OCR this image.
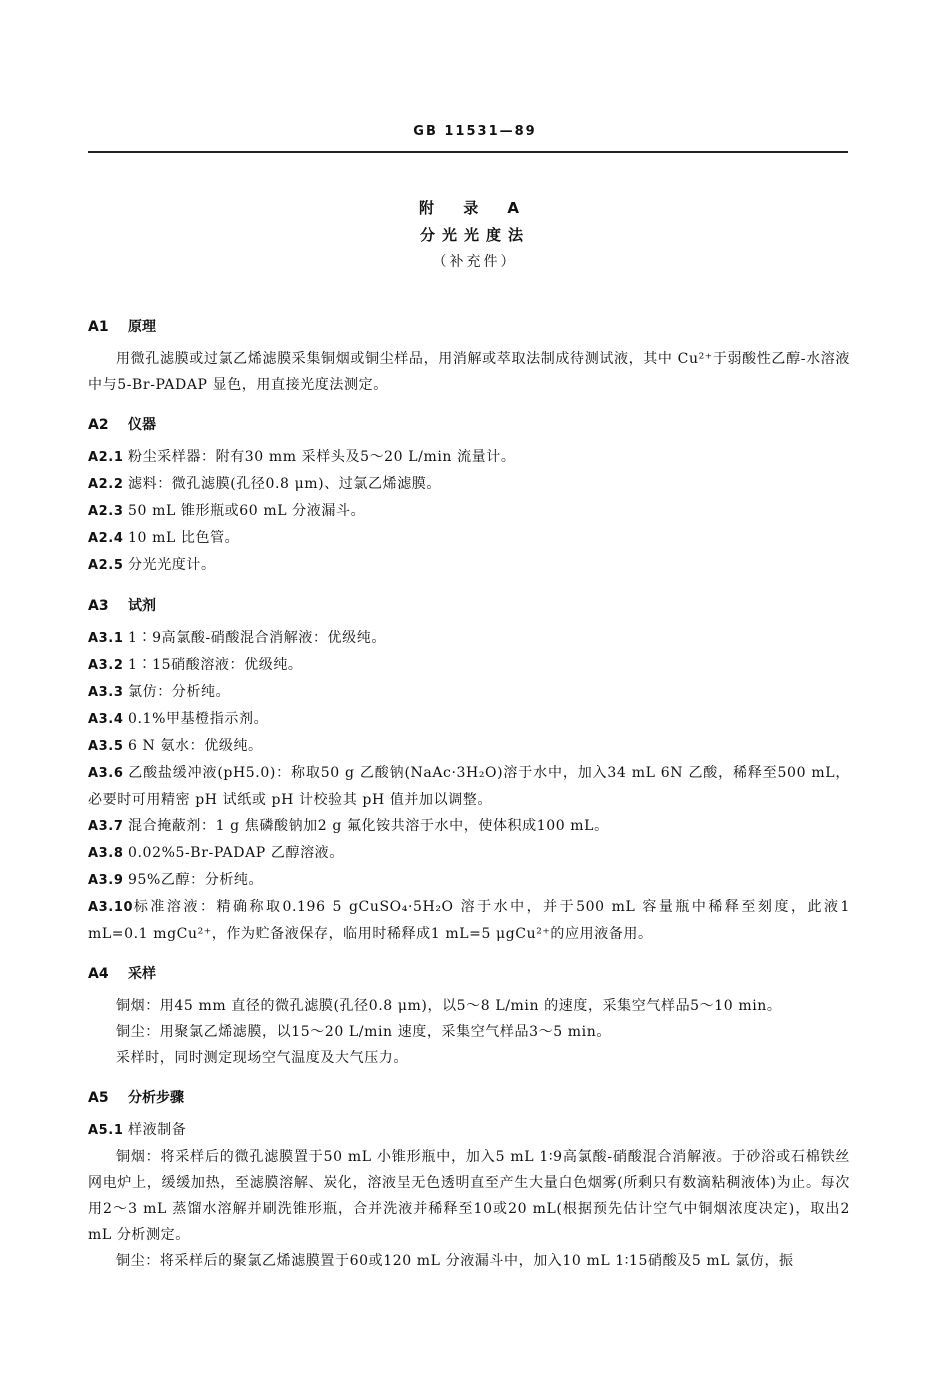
GB 11531—89
附 录 A
分光光度法
（补充件）

A1 原理

用微孔滤膜或过氯乙烯滤膜采集铜烟或铜尘样品，用消解或萃取法制成待测试液，其中 Cu²⁺于弱酸性乙醇-水溶液中与5-Br-PADAP 显色，用直接光度法测定。

A2 仪器

A2.1 粉尘采样器：附有30 mm 采样头及5～20 L/min 流量计。

A2.2 滤料：微孔滤膜(孔径0.8 μm)、过氯乙烯滤膜。

A2.3 50 mL 锥形瓶或60 mL 分液漏斗。

A2.4 10 mL 比色管。

A2.5 分光光度计。

A3 试剂

A3.1 1∶9高氯酸-硝酸混合消解液：优级纯。

A3.2 1∶15硝酸溶液：优级纯。

A3.3 氯仿：分析纯。

A3.4 0.1%甲基橙指示剂。

A3.5 6 N 氨水：优级纯。

A3.6 乙酸盐缓冲液(pH5.0)：称取50 g 乙酸钠(NaAc·3H₂O)溶于水中，加入34 mL 6N 乙酸，稀释至500 mL，必要时可用精密 pH 试纸或 pH 计校验其 pH 值并加以调整。

A3.7 混合掩蔽剂：1 g 焦磷酸钠加2 g 氟化铵共溶于水中，使体积成100 mL。

A3.8 0.02%5-Br-PADAP 乙醇溶液。

A3.9 95%乙醇：分析纯。

A3.10标准溶液：精确称取0.196 5 gCuSO₄·5H₂O 溶于水中，并于500 mL 容量瓶中稀释至刻度，此液1 mL=0.1 mgCu²⁺，作为贮备液保存，临用时稀释成1 mL=5 μgCu²⁺的应用液备用。

A4 采样

铜烟：用45 mm 直径的微孔滤膜(孔径0.8 μm)，以5～8 L/min 的速度，采集空气样品5～10 min。

铜尘：用聚氯乙烯滤膜，以15～20 L/min 速度，采集空气样品3～5 min。

采样时，同时测定现场空气温度及大气压力。

A5 分析步骤

A5.1 样液制备

铜烟：将采样后的微孔滤膜置于50 mL 小锥形瓶中，加入5 mL 1∶9高氯酸-硝酸混合消解液。于砂浴或石棉铁丝网电炉上，缓缓加热，至滤膜溶解、炭化，溶液呈无色透明直至产生大量白色烟雾(所剩只有数滴粘稠液体)为止。每次用2～3 mL 蒸馏水溶解并刷洗锥形瓶，合并洗液并稀释至10或20 mL(根据预先估计空气中铜烟浓度决定)，取出2 mL 分析测定。

铜尘：将采样后的聚氯乙烯滤膜置于60或120 mL 分液漏斗中，加入10 mL 1∶15硝酸及5 mL 氯仿，振
